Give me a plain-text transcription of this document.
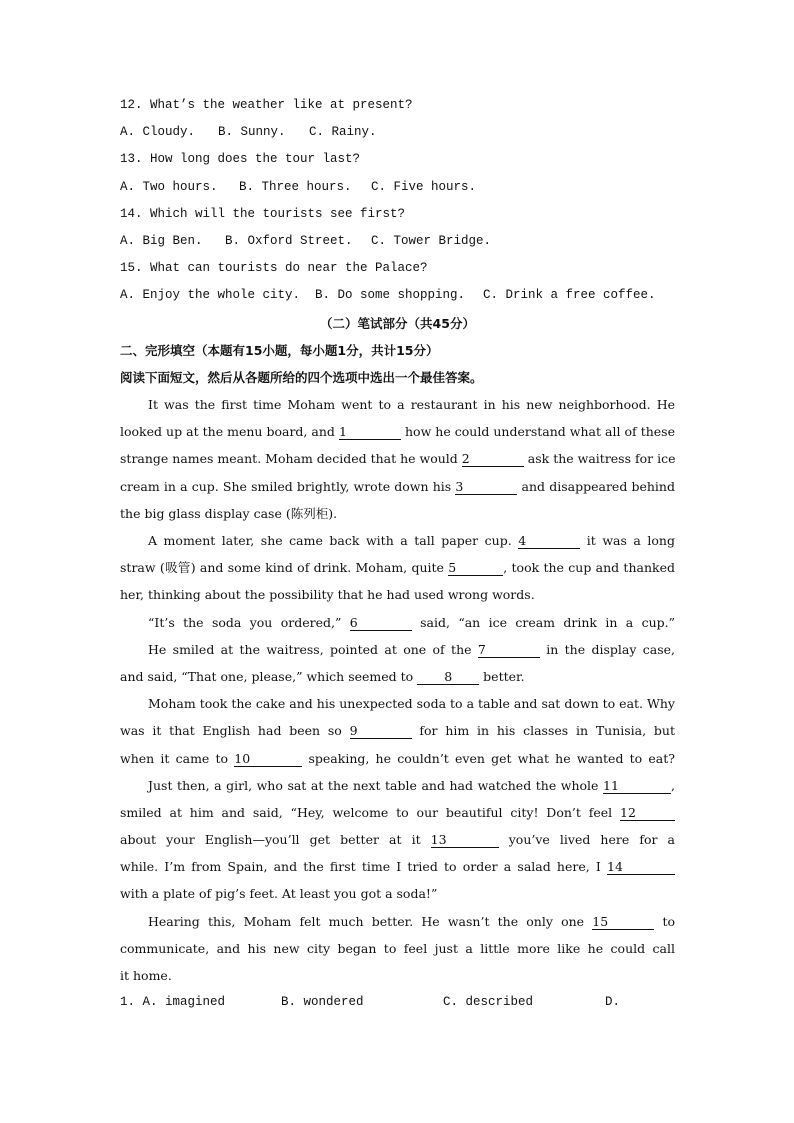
12. What’s the weather like at present?
A. Cloudy. B. Sunny. C. Rainy.
13. How long does the tour last?
A. Two hours. B. Three hours. C. Five hours.
14. Which will the tourists see first?
A. Big Ben. B. Oxford Street. C. Tower Bridge.
15. What can tourists do near the Palace?
A. Enjoy the whole city. B. Do some shopping. C. Drink a free coffee.
（二）笔试部分（共45分）
二、完形填空（本题有15小题，每小题1分，共计15分）
阅读下面短文，然后从各题所给的四个选项中选出一个最佳答案。
It was the first time Moham went to a restaurant in his new neighborhood. He
looked up at the menu board, and 1	how he could understand what all of these
strange names meant. Moham decided that he would 2	ask the waitress for ice
cream in a cup. She smiled brightly, wrote down his 3	and disappeared behind
the big glass display case (陈列柜).
A moment later, she came back with a tall paper cup. 4	it was a long
straw (吸管) and some kind of drink. Moham, quite 5	, took the cup and thanked
her, thinking about the possibility that he had used wrong words.
“It’s the soda you ordered,” 6	said, “an ice cream drink in a cup.”
He smiled at the waitress, pointed at one of the 7	in the display case,
and said, “That one, please,” which seemed to 8 better.
Moham took the cake and his unexpected soda to a table and sat down to eat. Why
was it that English had been so 9	for him in his classes in Tunisia, but
when it came to 10	speaking, he couldn’t even get what he wanted to eat?
Just then, a girl, who sat at the next table and had watched the whole 11	,
smiled at him and said, “Hey, welcome to our beautiful city! Don’t feel 12
about your English—you’ll get better at it 13	you’ve lived here for a
while. I’m from Spain, and the first time I tried to order a salad here, I 14
with a plate of pig’s feet. At least you got a soda!”
Hearing this, Moham felt much better. He wasn’t the only one 15	to
communicate, and his new city began to feel just a little more like he could call
it home.
1. A. imagined	B. wondered	C. described	D.
